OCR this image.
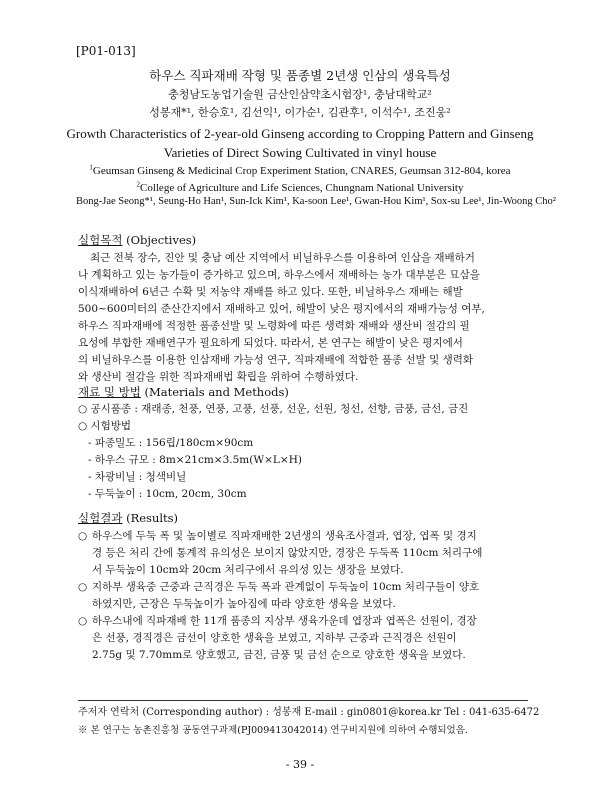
[P01-013]
하우스 직파재배 작형 및 품종별 2년생 인삼의 생육특성
충청남도농업기술원 금산인삼약초시험장¹, 충남대학교²
성봉재*¹, 한승호¹, 김선익¹, 이가순¹, 김관후¹, 이석수¹, 조진웅²
Growth Characteristics of 2-year-old Ginseng according to Cropping Pattern and Ginseng
Varieties of Direct Sowing Cultivated in vinyl house
$^1$Geumsan Ginseng & Medicinal Crop Experiment Station, CNARES, Geumsan 312-804, korea
$^2$College of Agriculture and Life Sciences, Chungnam National University
Bong-Jae Seong*¹, Seung-Ho Han¹, Sun-Ick Kim¹, Ka-soon Lee¹, Gwan-Hou Kim¹, Sox-su Lee¹, Jin-Woong Cho²
실험목적 (Objectives)
최근 전북 장수, 진안 및 충남 예산 지역에서 비닐하우스를 이용하여 인삼을 재배하거
나 계획하고 있는 농가들이 증가하고 있으며, 하우스에서 재배하는 농가 대부분은 묘삼을
이식재배하여 6년근 수확 및 저농약 재배를 하고 있다. 또한, 비닐하우스 재배는 해발
500~600미터의 준산간지에서 재배하고 있어, 해발이 낮은 평지에서의 재배가능성 여부,
하우스 직파재배에 적정한 품종선발 및 노령화에 따른 생력화 재배와 생산비 절감의 필
요성에 부합한 재배연구가 필요하게 되었다. 따라서, 본 연구는 해발이 낮은 평지에서
의 비닐하우스를 이용한 인삼재배 가능성 연구, 직파재배에 적합한 품종 선발 및 생력화
와 생산비 절감을 위한 직파재배법 확립을 위하여 수행하였다.
재료 및 방법 (Materials and Methods)
○ 공시품종 : 재래종, 천풍, 연풍, 고풍, 선풍, 선운, 선원, 청선, 선향, 금풍, 금선, 금진
○ 시험방법
- 파종밀도 : 156립/180cm×90cm
- 하우스 규모 : 8m×21cm×3.5m(W×L×H)
- 차광비닐 : 청색비닐
- 두둑높이 : 10cm, 20cm, 30cm
실험결과 (Results)
○ 하우스에 두둑 폭 및 높이별로 직파재배한 2년생의 생육조사결과, 엽장, 엽폭 및 경지
경 등은 처리 간에 통계적 유의성은 보이지 않았지만, 경장은 두둑폭 110cm 처리구에
서 두둑높이 10cm와 20cm 처리구에서 유의성 있는 생장을 보였다.
○ 지하부 생육중 근중과 근직경은 두둑 폭과 관계없이 두둑높이 10cm 처리구들이 양호
하였지만, 근장은 두둑높이가 높아짐에 따라 양호한 생육을 보였다.
○ 하우스내에 직파재배 한 11개 품종의 지상부 생육가운데 엽장과 엽폭은 선원이, 경장
은 선풍, 경직경은 금선이 양호한 생육을 보였고, 지하부 근중과 근직경은 선원이
2.75g 및 7.70mm로 양호했고, 금진, 금풍 및 금선 순으로 양호한 생육을 보였다.
주저자 연락처 (Corresponding author) : 성봉재 E-mail : gin0801@korea.kr Tel : 041-635-6472
※ 본 연구는 농촌진흥청 공동연구과제(PJ009413042014) 연구비지원에 의하여 수행되었음.
- 39 -
